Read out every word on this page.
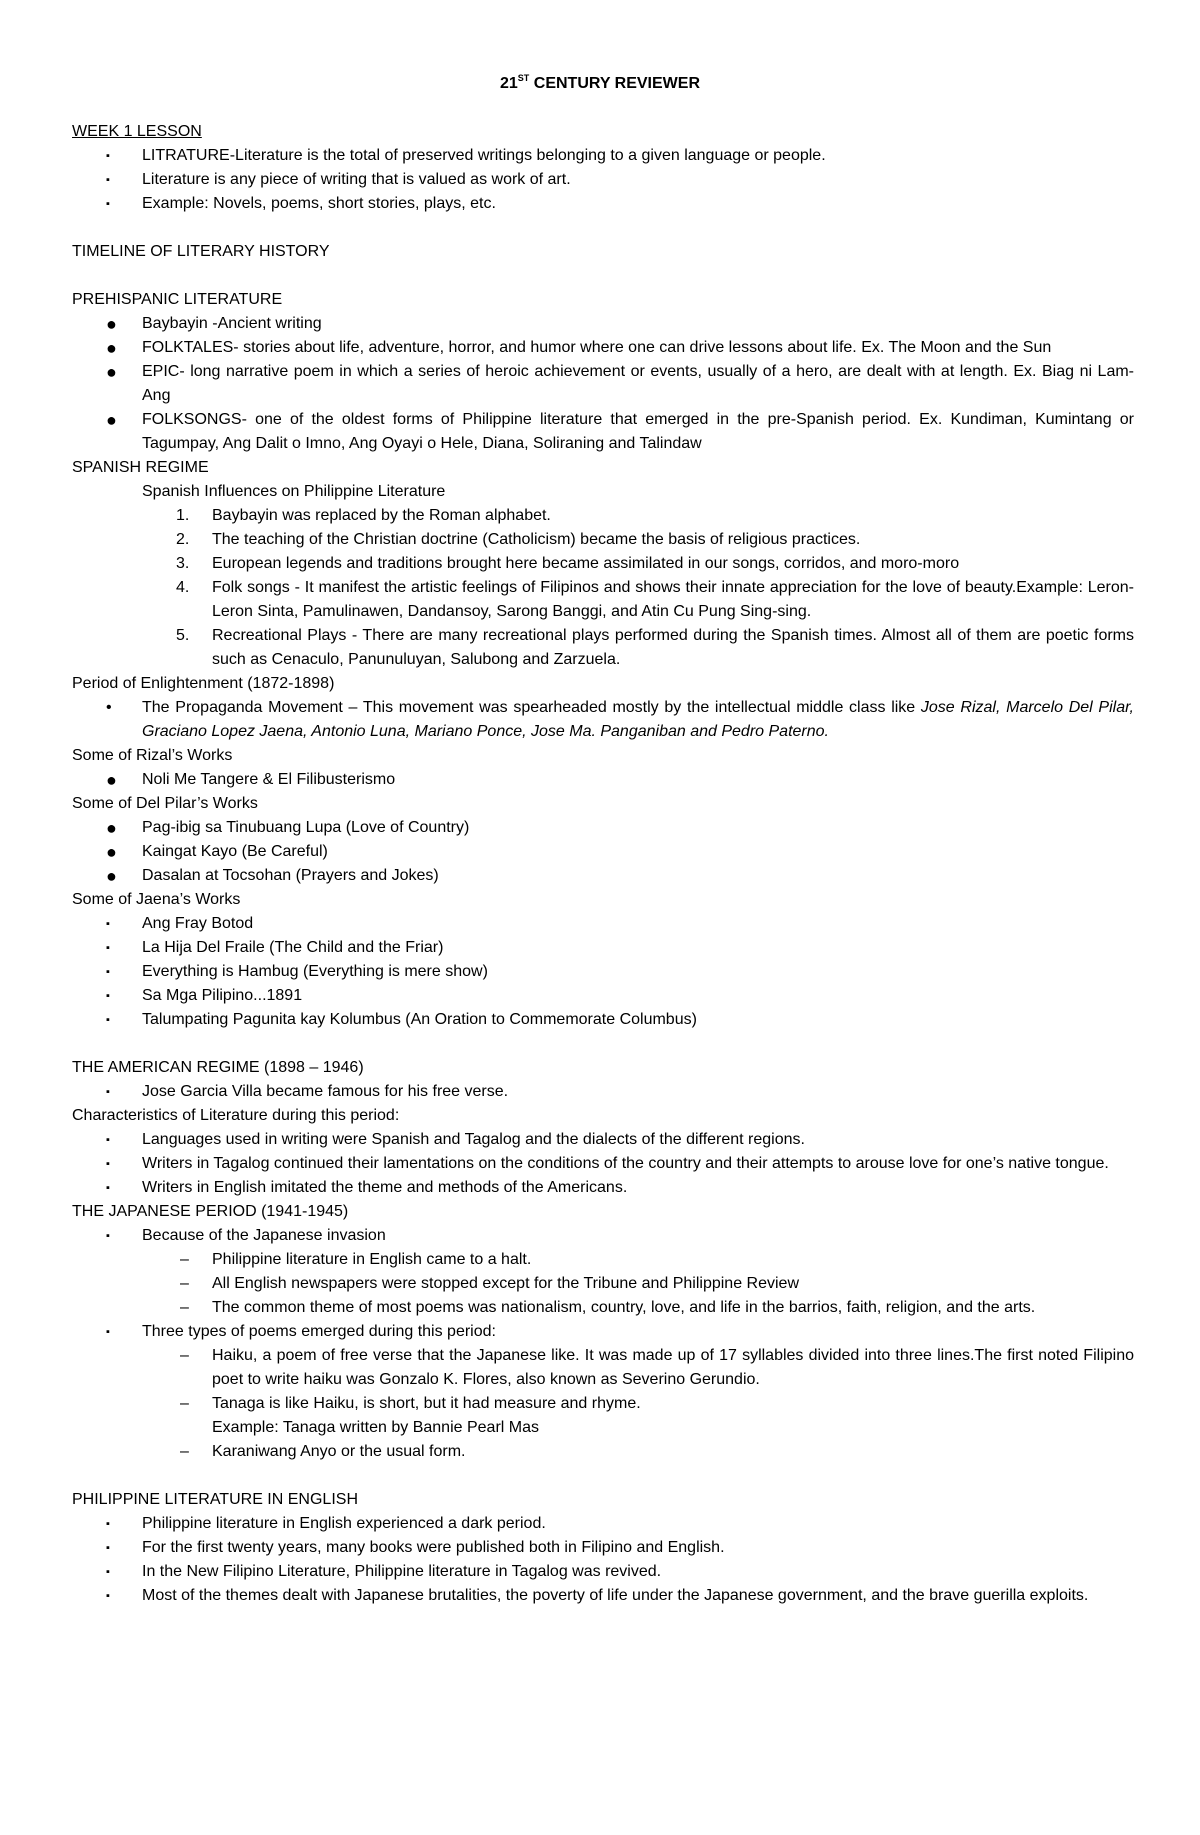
21ST CENTURY REVIEWER
WEEK 1 LESSON
▪	LITRATURE-Literature is the total of preserved writings belonging to a given language or people.
▪	Literature is any piece of writing that is valued as work of art.
▪	Example: Novels, poems, short stories, plays, etc.
TIMELINE OF LITERARY HISTORY
PREHISPANIC LITERATURE
●	Baybayin -Ancient writing
●	FOLKTALES- stories about life, adventure, horror, and humor where one can drive lessons about life. Ex. The Moon and the Sun
●	EPIC- long narrative poem in which a series of heroic achievement or events, usually of a hero, are dealt with at length. Ex. Biag ni Lam-Ang
●	FOLKSONGS- one of the oldest forms of Philippine literature that emerged in the pre-Spanish period. Ex. Kundiman, Kumintang or Tagumpay, Ang Dalit o Imno, Ang Oyayi o Hele, Diana, Soliraning and Talindaw
SPANISH REGIME
Spanish Influences on Philippine Literature
1.	Baybayin was replaced by the Roman alphabet.
2.	The teaching of the Christian doctrine (Catholicism) became the basis of religious practices.
3.	European legends and traditions brought here became assimilated in our songs, corridos, and moro-moro
4.	Folk songs - It manifest the artistic feelings of Filipinos and shows their innate appreciation for the love of beauty.Example: Leron-Leron Sinta, Pamulinawen, Dandansoy, Sarong Banggi, and Atin Cu Pung Sing-sing.
5.	Recreational Plays - There are many recreational plays performed during the Spanish times. Almost all of them are poetic forms such as Cenaculo, Panunuluyan, Salubong and Zarzuela.
Period of Enlightenment (1872-1898)
•	The Propaganda Movement – This movement was spearheaded mostly by the intellectual middle class like Jose Rizal, Marcelo Del Pilar, Graciano Lopez Jaena, Antonio Luna, Mariano Ponce, Jose Ma. Panganiban and Pedro Paterno.
Some of Rizal’s Works
●	Noli Me Tangere & El Filibusterismo
Some of Del Pilar’s Works
●	Pag-ibig sa Tinubuang Lupa (Love of Country)
●	Kaingat Kayo (Be Careful)
●	Dasalan at Tocsohan (Prayers and Jokes)
Some of Jaena’s Works
▪	Ang Fray Botod
▪	La Hija Del Fraile (The Child and the Friar)
▪	Everything is Hambug (Everything is mere show)
▪	Sa Mga Pilipino...1891
▪	Talumpating Pagunita kay Kolumbus (An Oration to Commemorate Columbus)
THE AMERICAN REGIME (1898 – 1946)
▪	Jose Garcia Villa became famous for his free verse.
Characteristics of Literature during this period:
▪	Languages used in writing were Spanish and Tagalog and the dialects of the different regions.
▪	Writers in Tagalog continued their lamentations on the conditions of the country and their attempts to arouse love for one’s native tongue.
▪	Writers in English imitated the theme and methods of the Americans.
THE JAPANESE PERIOD (1941-1945)
▪	Because of the Japanese invasion
–	Philippine literature in English came to a halt.
–	All English newspapers were stopped except for the Tribune and Philippine Review
–	The common theme of most poems was nationalism, country, love, and life in the barrios, faith, religion, and the arts.
▪	Three types of poems emerged during this period:
–	Haiku, a poem of free verse that the Japanese like. It was made up of 17 syllables divided into three lines.The first noted Filipino poet to write haiku was Gonzalo K. Flores, also known as Severino Gerundio.
–	Tanaga is like Haiku, is short, but it had measure and rhyme.
Example: Tanaga written by Bannie Pearl Mas
–	Karaniwang Anyo or the usual form.
PHILIPPINE LITERATURE IN ENGLISH
▪	Philippine literature in English experienced a dark period.
▪	For the first twenty years, many books were published both in Filipino and English.
▪	In the New Filipino Literature, Philippine literature in Tagalog was revived.
▪	Most of the themes dealt with Japanese brutalities, the poverty of life under the Japanese government, and the brave guerilla exploits.
